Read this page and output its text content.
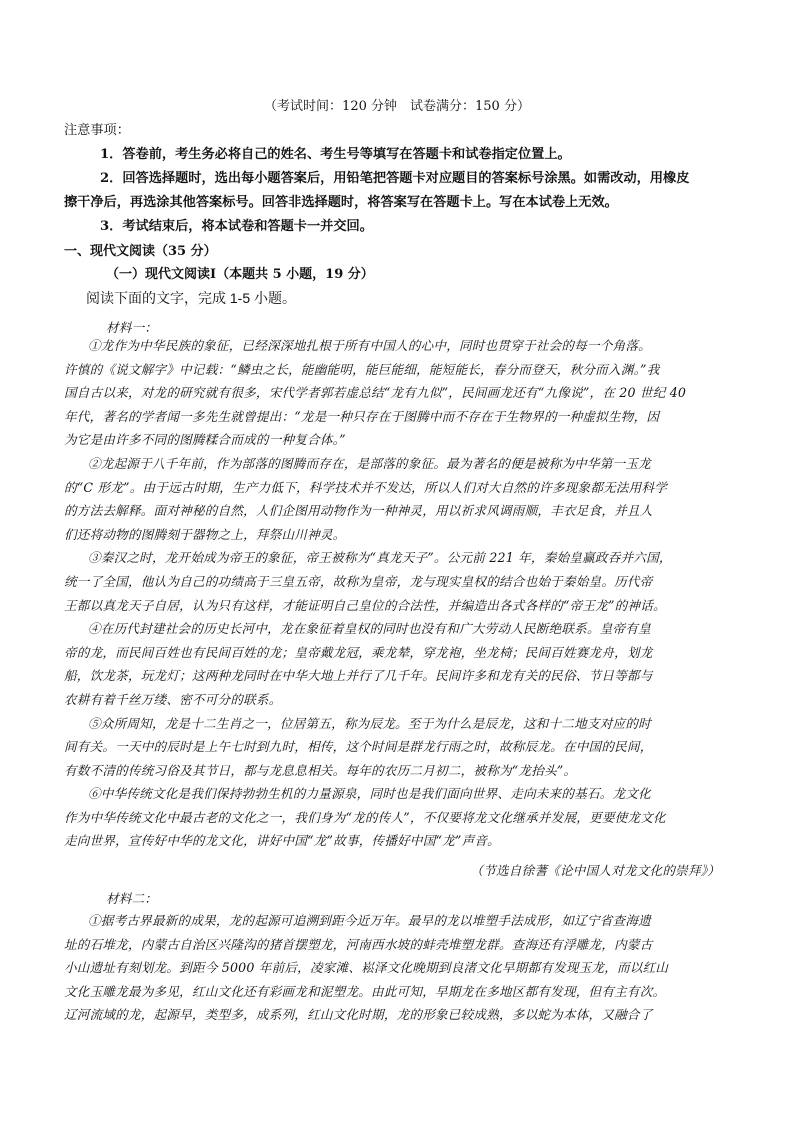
（考试时间：120 分钟　试卷满分：150 分）
注意事项：

1．答卷前，考生务必将自己的姓名、考生号等填写在答题卡和试卷指定位置上。

2．回答选择题时，选出每小题答案后，用铅笔把答题卡对应题目的答案标号涂黑。如需改动，用橡皮

擦干净后，再选涂其他答案标号。回答非选择题时，将答案写在答题卡上。写在本试卷上无效。

3．考试结束后，将本试卷和答题卡一并交回。

一、现代文阅读（35 分）
（一）现代文阅读Ⅰ（本题共 5 小题，19 分）
阅读下面的文字，完成 1-5 小题。
材料一：

①龙作为中华民族的象征，已经深深地扎根于所有中国人的心中，同时也贯穿于社会的每一个角落。

许慎的《说文解字》中记载：“鳞虫之长，能幽能明，能巨能细，能短能长，春分而登天，秋分而入渊。”我

国自古以来，对龙的研究就有很多，宋代学者郭若虚总结“龙有九似”，民间画龙还有“九像说”，在 20 世纪 40

年代，著名的学者闻一多先生就曾提出：“龙是一种只存在于图腾中而不存在于生物界的一种虚拟生物，因

为它是由许多不同的图腾糅合而成的一种复合体。”

②龙起源于八千年前，作为部落的图腾而存在，是部落的象征。最为著名的便是被称为中华第一玉龙

的“C 形龙”。由于远古时期，生产力低下，科学技术并不发达，所以人们对大自然的许多现象都无法用科学

的方法去解释。面对神秘的自然，人们企图用动物作为一种神灵，用以祈求风调雨顺，丰衣足食，并且人

们还将动物的图腾刻于器物之上，拜祭山川神灵。

③秦汉之时，龙开始成为帝王的象征，帝王被称为“真龙天子”。公元前 221 年，秦始皇赢政吞并六国，

统一了全国，他认为自己的功绩高于三皇五帝，故称为皇帝，龙与现实皇权的结合也始于秦始皇。历代帝

王都以真龙天子自居，认为只有这样，才能证明自己皇位的合法性，并编造出各式各样的“帝王龙”的神话。

④在历代封建社会的历史长河中，龙在象征着皇权的同时也没有和广大劳动人民断绝联系。皇帝有皇

帝的龙，而民间百姓也有民间百姓的龙；皇帝戴龙冠，乘龙辇，穿龙袍，坐龙椅；民间百姓赛龙舟，划龙

船，饮龙茶，玩龙灯；这两种龙同时在中华大地上并行了几千年。民间许多和龙有关的民俗、节日等都与

农耕有着千丝万缕、密不可分的联系。

⑤众所周知，龙是十二生肖之一，位居第五，称为辰龙。至于为什么是辰龙，这和十二地支对应的时

间有关。一天中的辰时是上午七时到九时，相传，这个时间是群龙行雨之时，故称辰龙。在中国的民间，

有数不清的传统习俗及其节日，都与龙息息相关。每年的农历二月初二，被称为“龙抬头”。

⑥中华传统文化是我们保持勃勃生机的力量源泉，同时也是我们面向世界、走向未来的基石。龙文化

作为中华传统文化中最古老的文化之一，我们身为“龙的传人”，不仅要将龙文化继承并发展，更要使龙文化

走向世界，宣传好中华的龙文化，讲好中国“龙”故事，传播好中国“龙”声音。

（节选自徐蓍《论中国人对龙文化的崇拜》）
材料二：

①据考古界最新的成果，龙的起源可追溯到距今近万年。最早的龙以堆塑手法成形，如辽宁省查海遗

址的石堆龙，内蒙古自治区兴隆沟的猪首摆塑龙，河南西水坡的蚌壳堆塑龙群。查海还有浮雕龙，内蒙古

小山遗址有刻划龙。到距今 5000 年前后，凌家滩、崧泽文化晚期到良渚文化早期都有发现玉龙，而以红山

文化玉雕龙最为多见，红山文化还有彩画龙和泥塑龙。由此可知，早期龙在多地区都有发现，但有主有次。

辽河流域的龙，起源早，类型多，成系列，红山文化时期，龙的形象已较成熟，多以蛇为本体，又融合了
